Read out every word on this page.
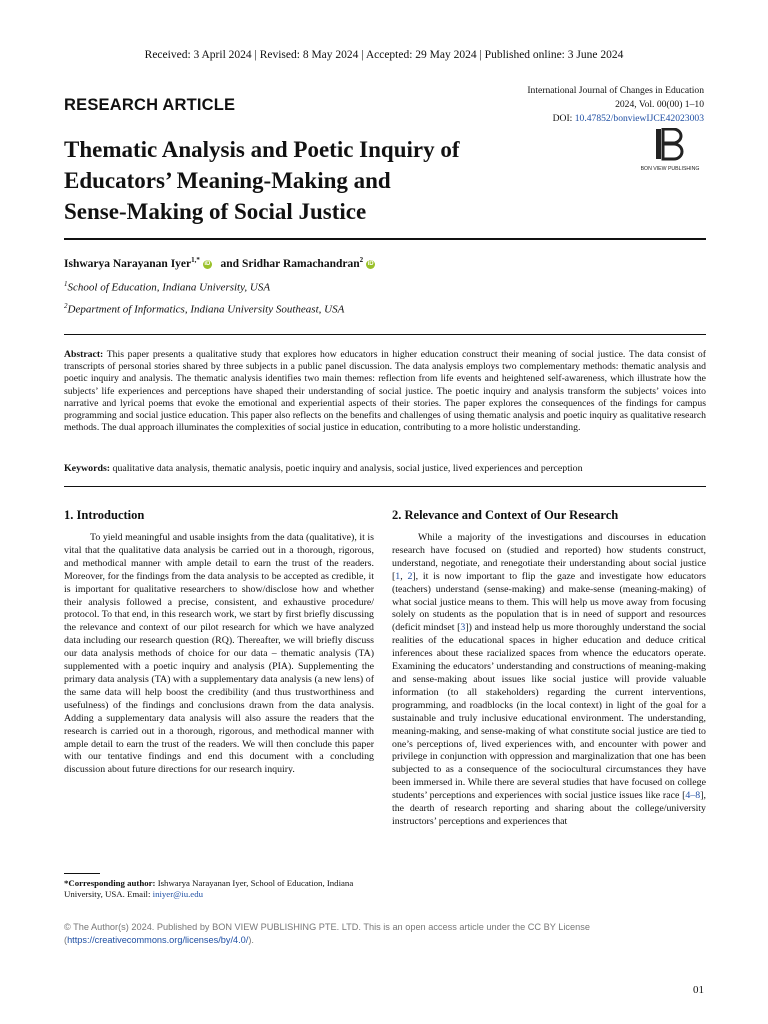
Received: 3 April 2024 | Revised: 8 May 2024 | Accepted: 29 May 2024 | Published online: 3 June 2024
International Journal of Changes in Education
2024, Vol. 00(00) 1–10
DOI: 10.47852/bonviewIJCE42023003
RESEARCH ARTICLE
BON VIEW PUBLISHING
Thematic Analysis and Poetic Inquiry of
Educators’ Meaning-Making and
Sense-Making of Social Justice
Ishwarya Narayanan Iyer$^{1,*}$ iD and Sridhar Ramachandran$^2$ iD
$^1$School of Education, Indiana University, USA
$^2$Department of Informatics, Indiana University Southeast, USA
Abstract: This paper presents a qualitative study that explores how educators in higher education construct their meaning of social justice. The data consist of transcripts of personal stories shared by three subjects in a public panel discussion. The data analysis employs two complementary methods: thematic analysis and poetic inquiry and analysis. The thematic analysis identifies two main themes: reflection from life events and heightened self-awareness, which illustrate how the subjects’ life experiences and perceptions have shaped their understanding of social justice. The poetic inquiry and analysis transform the subjects’ voices into narrative and lyrical poems that evoke the emotional and experiential aspects of their stories. The paper explores the consequences of the findings for campus programming and social justice education. This paper also reflects on the benefits and challenges of using thematic analysis and poetic inquiry as qualitative research methods. The dual approach illuminates the complexities of social justice in education, contributing to a more holistic understanding.
Keywords: qualitative data analysis, thematic analysis, poetic inquiry and analysis, social justice, lived experiences and perception
1. Introduction

To yield meaningful and usable insights from the data (qualitative), it is vital that the qualitative data analysis be carried out in a thorough, rigorous, and methodical manner with ample detail to earn the trust of the readers. Moreover, for the findings from the data analysis to be accepted as credible, it is important for qualitative researchers to show/disclose how and whether their analysis followed a precise, consistent, and exhaustive procedure/ protocol. To that end, in this research work, we start by first briefly discussing the relevance and context of our pilot research for which we have analyzed data including our research question (RQ). Thereafter, we will briefly discuss our data analysis methods of choice for our data – thematic analysis (TA) supplemented with a poetic inquiry and analysis (PIA). Supplementing the primary data analysis (TA) with a supplementary data analysis (a new lens) of the same data will help boost the credibility (and thus trustworthiness and usefulness) of the findings and conclusions drawn from the data analysis. Adding a supplementary data analysis will also assure the readers that the research is carried out in a thorough, rigorous, and methodical manner with ample detail to earn the trust of the readers. We will then conclude this paper with our tentative findings and end this document with a concluding discussion about future directions for our research inquiry.

2. Relevance and Context of Our Research

While a majority of the investigations and discourses in education research have focused on (studied and reported) how students construct, understand, negotiate, and renegotiate their understanding about social justice [1, 2], it is now important to flip the gaze and investigate how educators (teachers) understand (sense-making) and make-sense (meaning-making) of what social justice means to them. This will help us move away from focusing solely on students as the population that is in need of support and resources (deficit mindset [3]) and instead help us more thoroughly understand the social realities of the educational spaces in higher education and deduce critical inferences about these racialized spaces from whence the educators operate. Examining the educators’ understanding and constructions of meaning-making and sense-making about issues like social justice will provide valuable information (to all stakeholders) regarding the current interventions, programming, and roadblocks (in the local context) in light of the goal for a sustainable and truly inclusive educational environment. The understanding, meaning-making, and sense-making of what constitute social justice are tied to one’s perceptions of, lived experiences with, and encounter with power and privilege in conjunction with oppression and marginalization that one has been subjected to as a consequence of the sociocultural circumstances they have been immersed in. While there are several studies that have focused on college students’ perceptions and experiences with social justice issues like race [4–8], the dearth of research reporting and sharing about the college/university instructors’ perceptions and experiences that

*Corresponding author: Ishwarya Narayanan Iyer, School of Education, Indiana University, USA. Email: iniyer@iu.edu
© The Author(s) 2024. Published by BON VIEW PUBLISHING PTE. LTD. This is an open access article under the CC BY License (https://creativecommons.org/licenses/by/4.0/).
01
